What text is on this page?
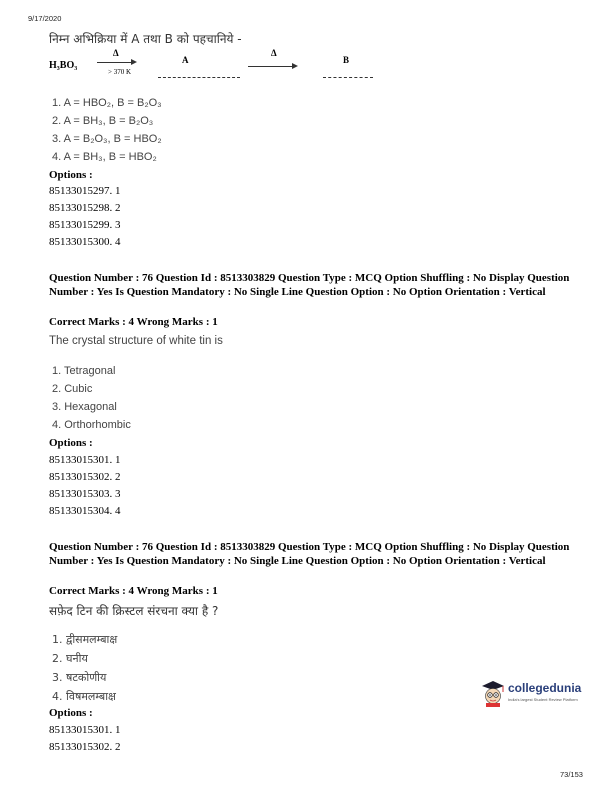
9/17/2020
निम्न अभिक्रिया में A तथा B को पहचानिये -
H₃BO₃
Δ
> 370 K
A
Δ
B
1. A = HBO₂, B = B₂O₃
2. A = BH₃, B = B₂O₃
3. A = B₂O₃, B = HBO₂
4. A = BH₃, B = HBO₂
Options :
85133015297. 1
85133015298. 2
85133015299. 3
85133015300. 4
Question Number : 76 Question Id : 8513303829 Question Type : MCQ Option Shuffling : No Display Question Number : Yes Is Question Mandatory : No Single Line Question Option : No Option Orientation : Vertical
Correct Marks : 4 Wrong Marks : 1
The crystal structure of white tin is
1. Tetragonal
2. Cubic
3. Hexagonal
4. Orthorhombic
Options :
85133015301. 1
85133015302. 2
85133015303. 3
85133015304. 4
Question Number : 76 Question Id : 8513303829 Question Type : MCQ Option Shuffling : No Display Question Number : Yes Is Question Mandatory : No Single Line Question Option : No Option Orientation : Vertical
Correct Marks : 4 Wrong Marks : 1
सफ़ेद टिन की क्रिस्टल संरचना क्या है ?
1. द्वीसमलम्बाक्ष
2. घनीय
3. षटकोणीय
4. विषमलम्बाक्ष
Options :
85133015301. 1
85133015302. 2
collegedunia
India's largest Student Review Platform
73/153
